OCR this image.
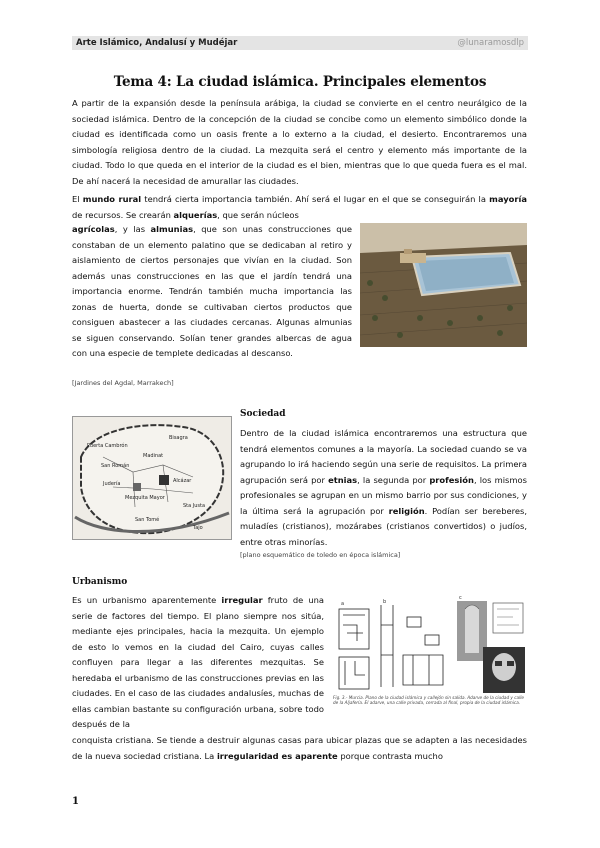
Arte Islámico, Andalusí y Mudéjar	@lunaramosdlp
Tema 4: La ciudad islámica. Principales elementos

A partir de la expansión desde la península arábiga, la ciudad se convierte en el centro neurálgico de la sociedad islámica. Dentro de la concepción de la ciudad se concibe como un elemento simbólico donde la ciudad es identificada como un oasis frente a lo externo a la ciudad, el desierto. Encontraremos una simbología religiosa dentro de la ciudad. La mezquita será el centro y elemento más importante de la ciudad. Todo lo que queda en el interior de la ciudad es el bien, mientras que lo que queda fuera es el mal. De ahí nacerá la necesidad de amurallar las ciudades.

El mundo rural tendrá cierta importancia también. Ahí será el lugar en el que se conseguirán la mayoría de recursos. Se crearán alquerías, que serán núcleos

agrícolas, y las almunias, que son unas construcciones que constaban de un elemento palatino que se dedicaban al retiro y aislamiento de ciertos personajes que vivían en la ciudad. Son además unas construcciones en las que el jardín tendrá una importancia enorme. Tendrán también mucha importancia las zonas de huerta, donde se cultivaban ciertos productos que consiguen abastecer a las ciudades cercanas. Algunas almunias se siguen conservando. Solían tener grandes albercas de agua con una especie de templete dedicadas al descanso.

[Jardines del Agdal, Marrakech]
Judería
Mezquita Mayor
Alcázar
San Tomé
Sta Justa
Madinat
Puerta Cambrón
San Román
Bisagra
Tajo
Sociedad

Dentro de la ciudad islámica encontraremos una estructura que tendrá elementos comunes a la mayoría. La sociedad cuando se va agrupando lo irá haciendo según una serie de requisitos. La primera agrupación será por etnias, la segunda por profesión, los mismos profesionales se agrupan en un mismo barrio por sus condiciones, y la última será la agrupación por religión. Podían ser bereberes, muladíes (cristianos), mozárabes (cristianos convertidos) o judíos, entre otras minorías.

[plano esquemático de toledo en época islámica]
Urbanismo

Es un urbanismo aparentemente irregular fruto de una serie de factores del tiempo. El plano siempre nos sitúa, mediante ejes principales, hacia la mezquita. Un ejemplo de esto lo vemos en la ciudad del Cairo, cuyas calles confluyen para llegar a las diferentes mezquitas. Se heredaba el urbanismo de las construcciones previas en las ciudades. En el caso de las ciudades andalusíes, muchas de ellas cambian bastante su configuración urbana, sobre todo después de la

a	b
c
Fig. 3.- Murcia. Plano de la ciudad islámica y callejón sin salida. Adarve de la ciudad y calle de la Aljafería. El adarve, una calle privada, cerrada al final, propia de la ciudad islámica.

conquista cristiana. Se tiende a destruir algunas casas para ubicar plazas que se adapten a las necesidades de la nueva sociedad cristiana. La irregularidad es aparente porque contrasta mucho

1
